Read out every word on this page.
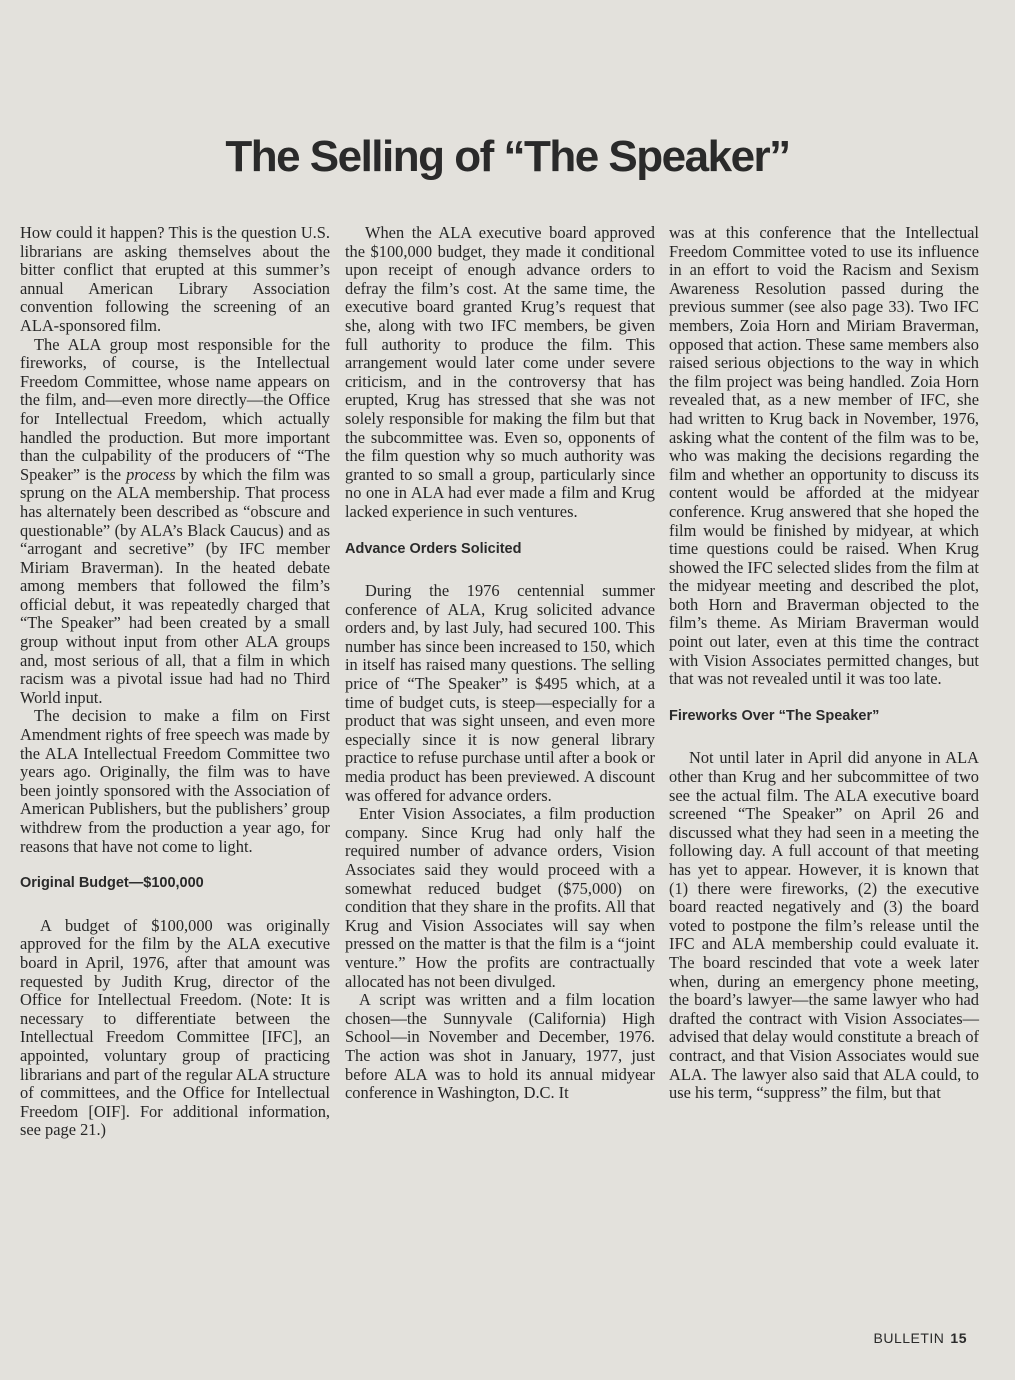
The Selling of “The Speaker”

How could it happen? This is the question U.S. librarians are asking themselves about the bitter conflict that erupted at this summer’s annual American Library Association convention following the screening of an ALA-sponsored film.

The ALA group most responsible for the fireworks, of course, is the Intellectual Freedom Committee, whose name appears on the film, and—even more directly—the Office for Intellectual Freedom, which actually handled the production. But more important than the culpability of the producers of “The Speaker” is the process by which the film was sprung on the ALA membership. That process has alternately been described as “obscure and questionable” (by ALA’s Black Caucus) and as “arrogant and secretive” (by IFC member Miriam Braverman). In the heated debate among members that followed the film’s official debut, it was repeatedly charged that “The Speaker” had been created by a small group without input from other ALA groups and, most serious of all, that a film in which racism was a pivotal issue had had no Third World input.

The decision to make a film on First Amendment rights of free speech was made by the ALA Intellectual Freedom Committee two years ago. Originally, the film was to have been jointly sponsored with the Association of American Publishers, but the publishers’ group withdrew from the production a year ago, for reasons that have not come to light.

Original Budget—$100,000

A budget of $100,000 was originally approved for the film by the ALA executive board in April, 1976, after that amount was requested by Judith Krug, director of the Office for Intellectual Freedom. (Note: It is necessary to differentiate between the Intellectual Freedom Committee [IFC], an appointed, voluntary group of practicing librarians and part of the regular ALA structure of committees, and the Office for Intellectual Freedom [OIF]. For additional information, see page 21.)

When the ALA executive board approved the $100,000 budget, they made it conditional upon receipt of enough advance orders to defray the film’s cost. At the same time, the executive board granted Krug’s request that she, along with two IFC members, be given full authority to produce the film. This arrangement would later come under severe criticism, and in the controversy that has erupted, Krug has stressed that she was not solely responsible for making the film but that the subcommittee was. Even so, opponents of the film question why so much authority was granted to so small a group, particularly since no one in ALA had ever made a film and Krug lacked experience in such ventures.

Advance Orders Solicited

During the 1976 centennial summer conference of ALA, Krug solicited advance orders and, by last July, had secured 100. This number has since been increased to 150, which in itself has raised many questions. The selling price of “The Speaker” is $495 which, at a time of budget cuts, is steep—especially for a product that was sight unseen, and even more especially since it is now general library practice to refuse purchase until after a book or media product has been previewed. A discount was offered for advance orders.

Enter Vision Associates, a film production company. Since Krug had only half the required number of advance orders, Vision Associates said they would proceed with a somewhat reduced budget ($75,000) on condition that they share in the profits. All that Krug and Vision Associates will say when pressed on the matter is that the film is a “joint venture.” How the profits are contractually allocated has not been divulged.

A script was written and a film location chosen—the Sunnyvale (California) High School—in November and December, 1976. The action was shot in January, 1977, just before ALA was to hold its annual midyear conference in Washington, D.C. It

was at this conference that the Intellectual Freedom Committee voted to use its influence in an effort to void the Racism and Sexism Awareness Resolution passed during the previous summer (see also page 33). Two IFC members, Zoia Horn and Miriam Braverman, opposed that action. These same members also raised serious objections to the way in which the film project was being handled. Zoia Horn revealed that, as a new member of IFC, she had written to Krug back in November, 1976, asking what the content of the film was to be, who was making the decisions regarding the film and whether an opportunity to discuss its content would be afforded at the midyear conference. Krug answered that she hoped the film would be finished by midyear, at which time questions could be raised. When Krug showed the IFC selected slides from the film at the midyear meeting and described the plot, both Horn and Braverman objected to the film’s theme. As Miriam Braverman would point out later, even at this time the contract with Vision Associates permitted changes, but that was not revealed until it was too late.

Fireworks Over “The Speaker”

Not until later in April did anyone in ALA other than Krug and her subcommittee of two see the actual film. The ALA executive board screened “The Speaker” on April 26 and discussed what they had seen in a meeting the following day. A full account of that meeting has yet to appear. However, it is known that (1) there were fireworks, (2) the executive board reacted negatively and (3) the board voted to postpone the film’s release until the IFC and ALA membership could evaluate it. The board rescinded that vote a week later when, during an emergency phone meeting, the board’s lawyer—the same lawyer who had drafted the contract with Vision Associates—advised that delay would constitute a breach of contract, and that Vision Associates would sue ALA. The lawyer also said that ALA could, to use his term, “suppress” the film, but that

BULLETIN 15
